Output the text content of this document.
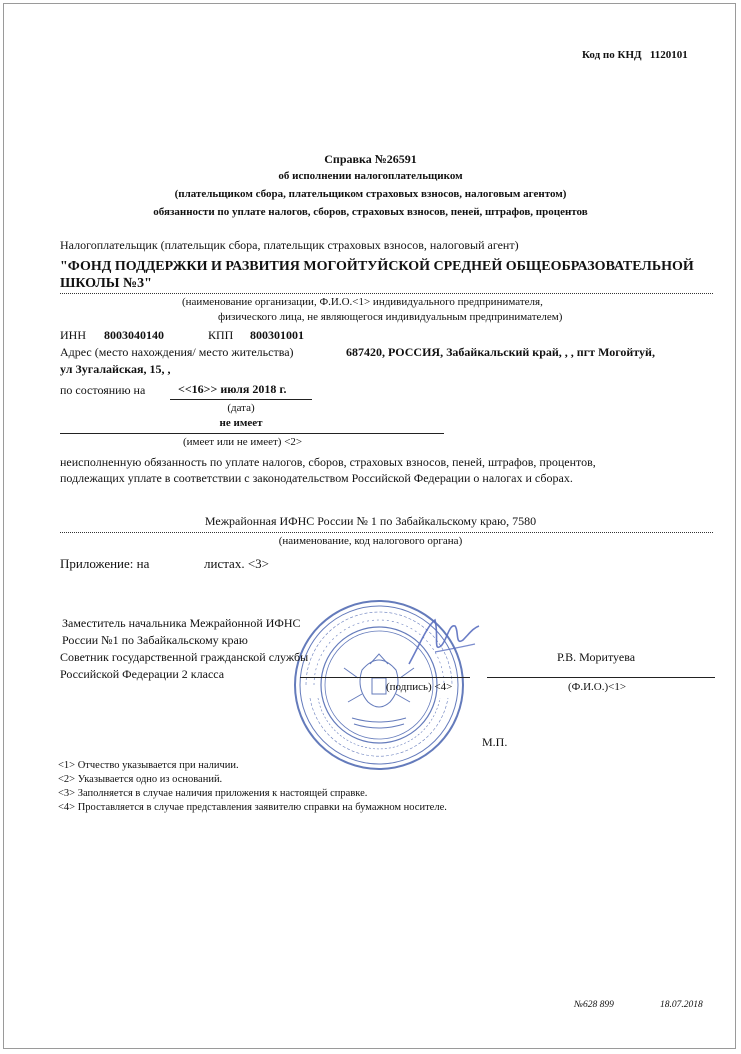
Код по КНД 1120101
Справка №26591
об исполнении налогоплательщиком
(плательщиком сбора, плательщиком страховых взносов, налоговым агентом)
обязанности по уплате налогов, сборов, страховых взносов, пеней, штрафов, процентов
Налогоплательщик (плательщик сбора, плательщик страховых взносов, налоговый агент)
"ФОНД ПОДДЕРЖКИ И РАЗВИТИЯ МОГОЙТУЙСКОЙ СРЕДНЕЙ ОБЩЕОБРАЗОВАТЕЛЬНОЙ
ШКОЛЫ №3"
(наименование организации, Ф.И.О.<1> индивидуального предпринимателя,
физического лица, не являющегося индивидуальным предпринимателем)
ИНН 8003040140	КПП 800301001
Адрес (место нахождения/ место жительства)	687420, РОССИЯ, Забайкальский край, , , пгт Могойтуй,
ул Зугалайская, 15, ,
по состоянию на	<<16>> июля 2018 г.
(дата)
не имеет
(имеет или не имеет) <2>
неисполненную обязанность по уплате налогов, сборов, страховых взносов, пеней, штрафов, процентов,
подлежащих уплате в соответствии с законодательством Российской Федерации о налогах и сборах.
Межрайонная ИФНС России № 1 по Забайкальскому краю, 7580
(наименование, код налогового органа)
Приложение: на	листах. <3>
Заместитель начальника Межрайонной ИФНС
России №1 по Забайкальскому краю
Советник государственной гражданской службы
Российской Федерации 2 класса
Р.В. Моритуева
(подпись) <4>	(Ф.И.О.)<1>
М.П.
<1> Отчество указывается при наличии.
<2> Указывается одно из оснований.
<3> Заполняется в случае наличия приложения к настоящей справке.
<4> Проставляется в случае представления заявителю справки на бумажном носителе.
№628 899	18.07.2018
